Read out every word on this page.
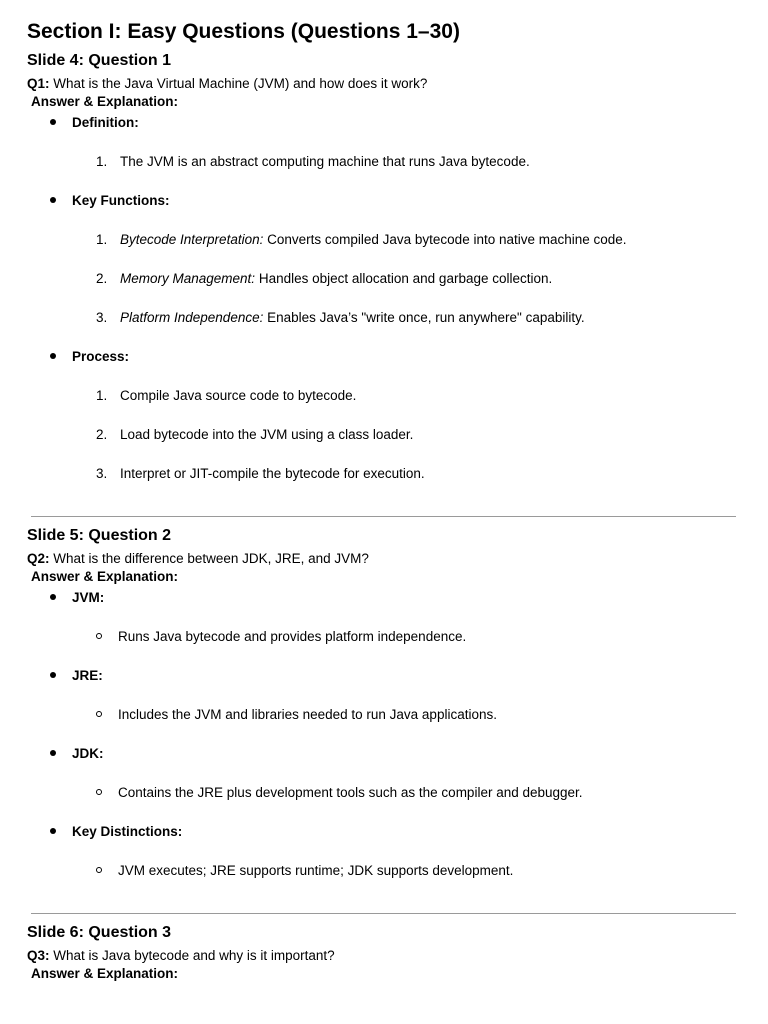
Section I: Easy Questions (Questions 1–30)
Slide 4: Question 1
Q1: What is the Java Virtual Machine (JVM) and how does it work?
Answer & Explanation:
Definition:
1. The JVM is an abstract computing machine that runs Java bytecode.
Key Functions:
1. Bytecode Interpretation: Converts compiled Java bytecode into native machine code.
2. Memory Management: Handles object allocation and garbage collection.
3. Platform Independence: Enables Java’s "write once, run anywhere" capability.
Process:
1. Compile Java source code to bytecode.
2. Load bytecode into the JVM using a class loader.
3. Interpret or JIT-compile the bytecode for execution.
Slide 5: Question 2
Q2: What is the difference between JDK, JRE, and JVM?
Answer & Explanation:
JVM:
Runs Java bytecode and provides platform independence.
JRE:
Includes the JVM and libraries needed to run Java applications.
JDK:
Contains the JRE plus development tools such as the compiler and debugger.
Key Distinctions:
JVM executes; JRE supports runtime; JDK supports development.
Slide 6: Question 3
Q3: What is Java bytecode and why is it important?
Answer & Explanation:
